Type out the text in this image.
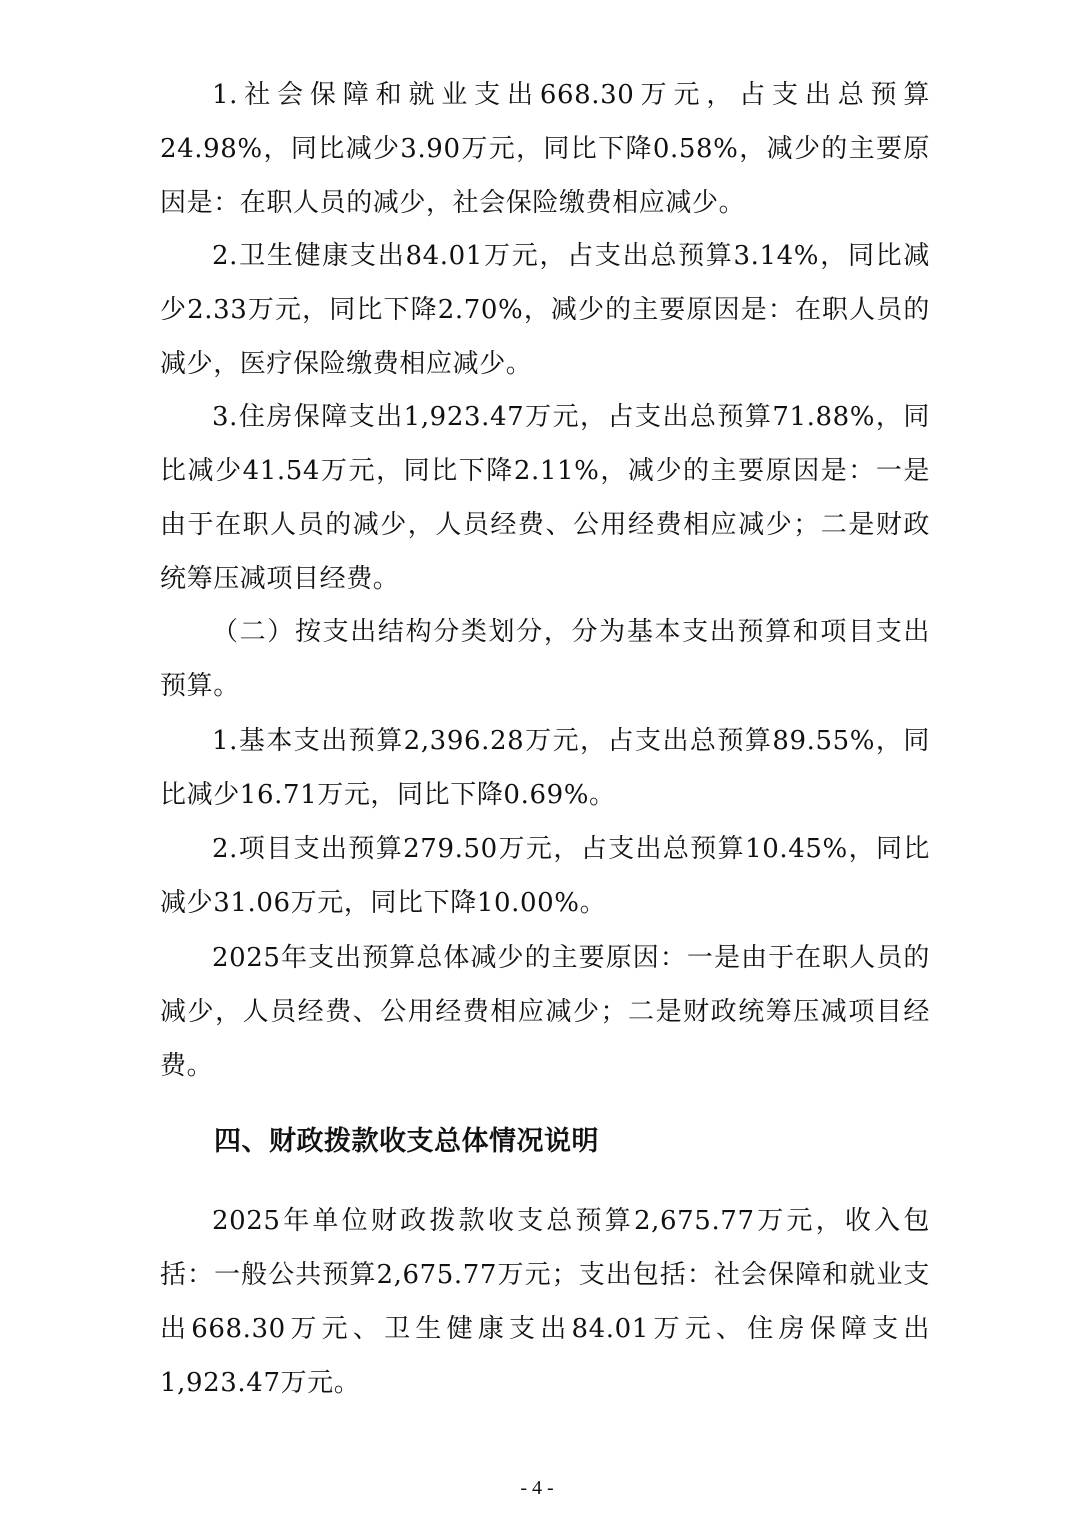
1.社会保障和就业支出668.30万元，占支出总预算24.98%，同比减少3.90万元，同比下降0.58%，减少的主要原因是：在职人员的减少，社会保险缴费相应减少。

2.卫生健康支出84.01万元，占支出总预算3.14%，同比减少2.33万元，同比下降2.70%，减少的主要原因是：在职人员的减少，医疗保险缴费相应减少。

3.住房保障支出1,923.47万元，占支出总预算71.88%，同比减少41.54万元，同比下降2.11%，减少的主要原因是：一是由于在职人员的减少，人员经费、公用经费相应减少；二是财政统筹压减项目经费。

（二）按支出结构分类划分，分为基本支出预算和项目支出预算。

1.基本支出预算2,396.28万元，占支出总预算89.55%，同比减少16.71万元，同比下降0.69%。

2.项目支出预算279.50万元，占支出总预算10.45%，同比减少31.06万元，同比下降10.00%。

2025年支出预算总体减少的主要原因：一是由于在职人员的减少，人员经费、公用经费相应减少；二是财政统筹压减项目经费。

四、财政拨款收支总体情况说明

2025年单位财政拨款收支总预算2,675.77万元，收入包括：一般公共预算2,675.77万元；支出包括：社会保障和就业支出668.30万元、卫生健康支出84.01万元、住房保障支出1,923.47万元。

- 4 -
